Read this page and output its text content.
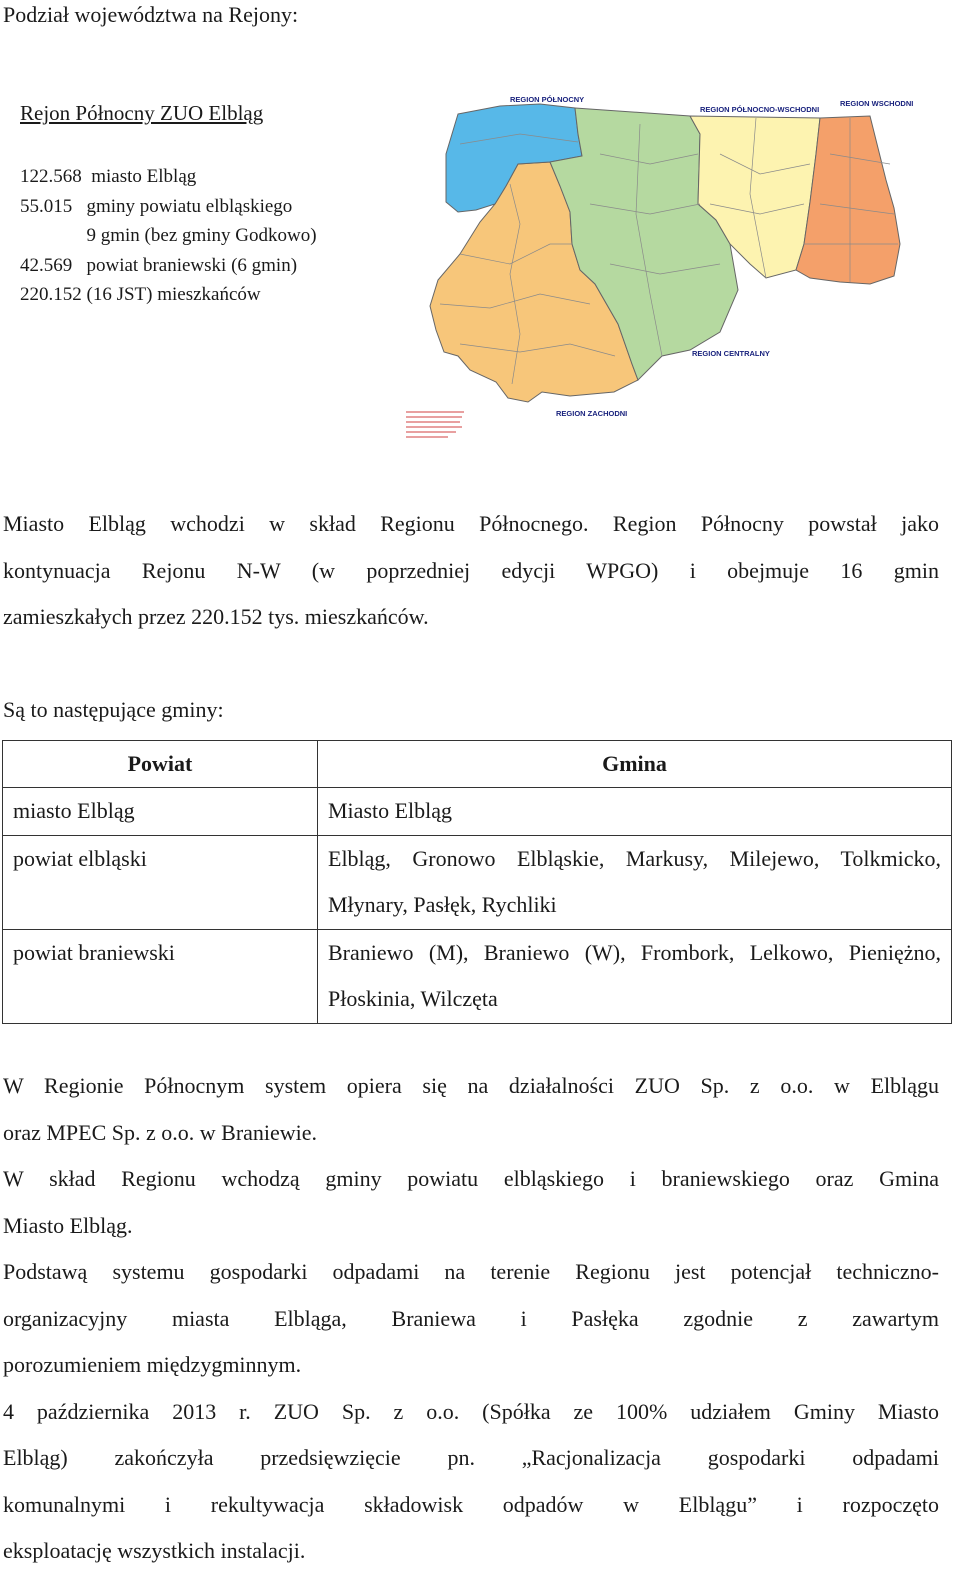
Podział województwa na Rejony:
Rejon Północny ZUO Elbląg
122.568  miasto Elbląg
55.015   gminy powiatu elbląskiego
9 gmin (bez gminy Godkowo)
42.569   powiat braniewski (6 gmin)
220.152 (16 JST) mieszkańców
REGION PÓŁNOCNY
REGION PÓŁNOCNO-WSCHODNI
REGION WSCHODNI
REGION CENTRALNY
REGION ZACHODNI
Miasto Elbląg wchodzi w skład Regionu Północnego. Region Północny powstał jako
kontynuacja Rejonu N-W (w poprzedniej edycji WPGO) i obejmuje 16 gmin
zamieszkałych przez 220.152 tys. mieszkańców.
Są to następujące gminy:
Powiat	Gmina
miasto Elbląg	Miasto Elbląg
powiat elbląski	Elbląg, Gronowo Elbląskie, Markusy, Milejewo, Tolkmicko, Młynary, Pasłęk, Rychliki
powiat braniewski	Braniewo (M), Braniewo (W), Frombork, Lelkowo, Pieniężno, Płoskinia, Wilczęta
W Regionie Północnym system opiera się na działalności ZUO Sp. z o.o. w Elblągu
oraz MPEC Sp. z o.o. w Braniewie.
W skład Regionu wchodzą gminy powiatu elbląskiego i braniewskiego oraz Gmina
Miasto Elbląg.
Podstawą systemu gospodarki odpadami na terenie Regionu jest potencjał techniczno-
organizacyjny miasta Elbląga, Braniewa i Pasłęka zgodnie z zawartym
porozumieniem międzygminnym.
4 października 2013 r. ZUO Sp. z o.o. (Spółka ze 100% udziałem Gminy Miasto
Elbląg) zakończyła przedsięwzięcie pn. „Racjonalizacja gospodarki odpadami
komunalnymi i rekultywacja składowisk odpadów w Elblągu” i rozpoczęto
eksploatację wszystkich instalacji.
